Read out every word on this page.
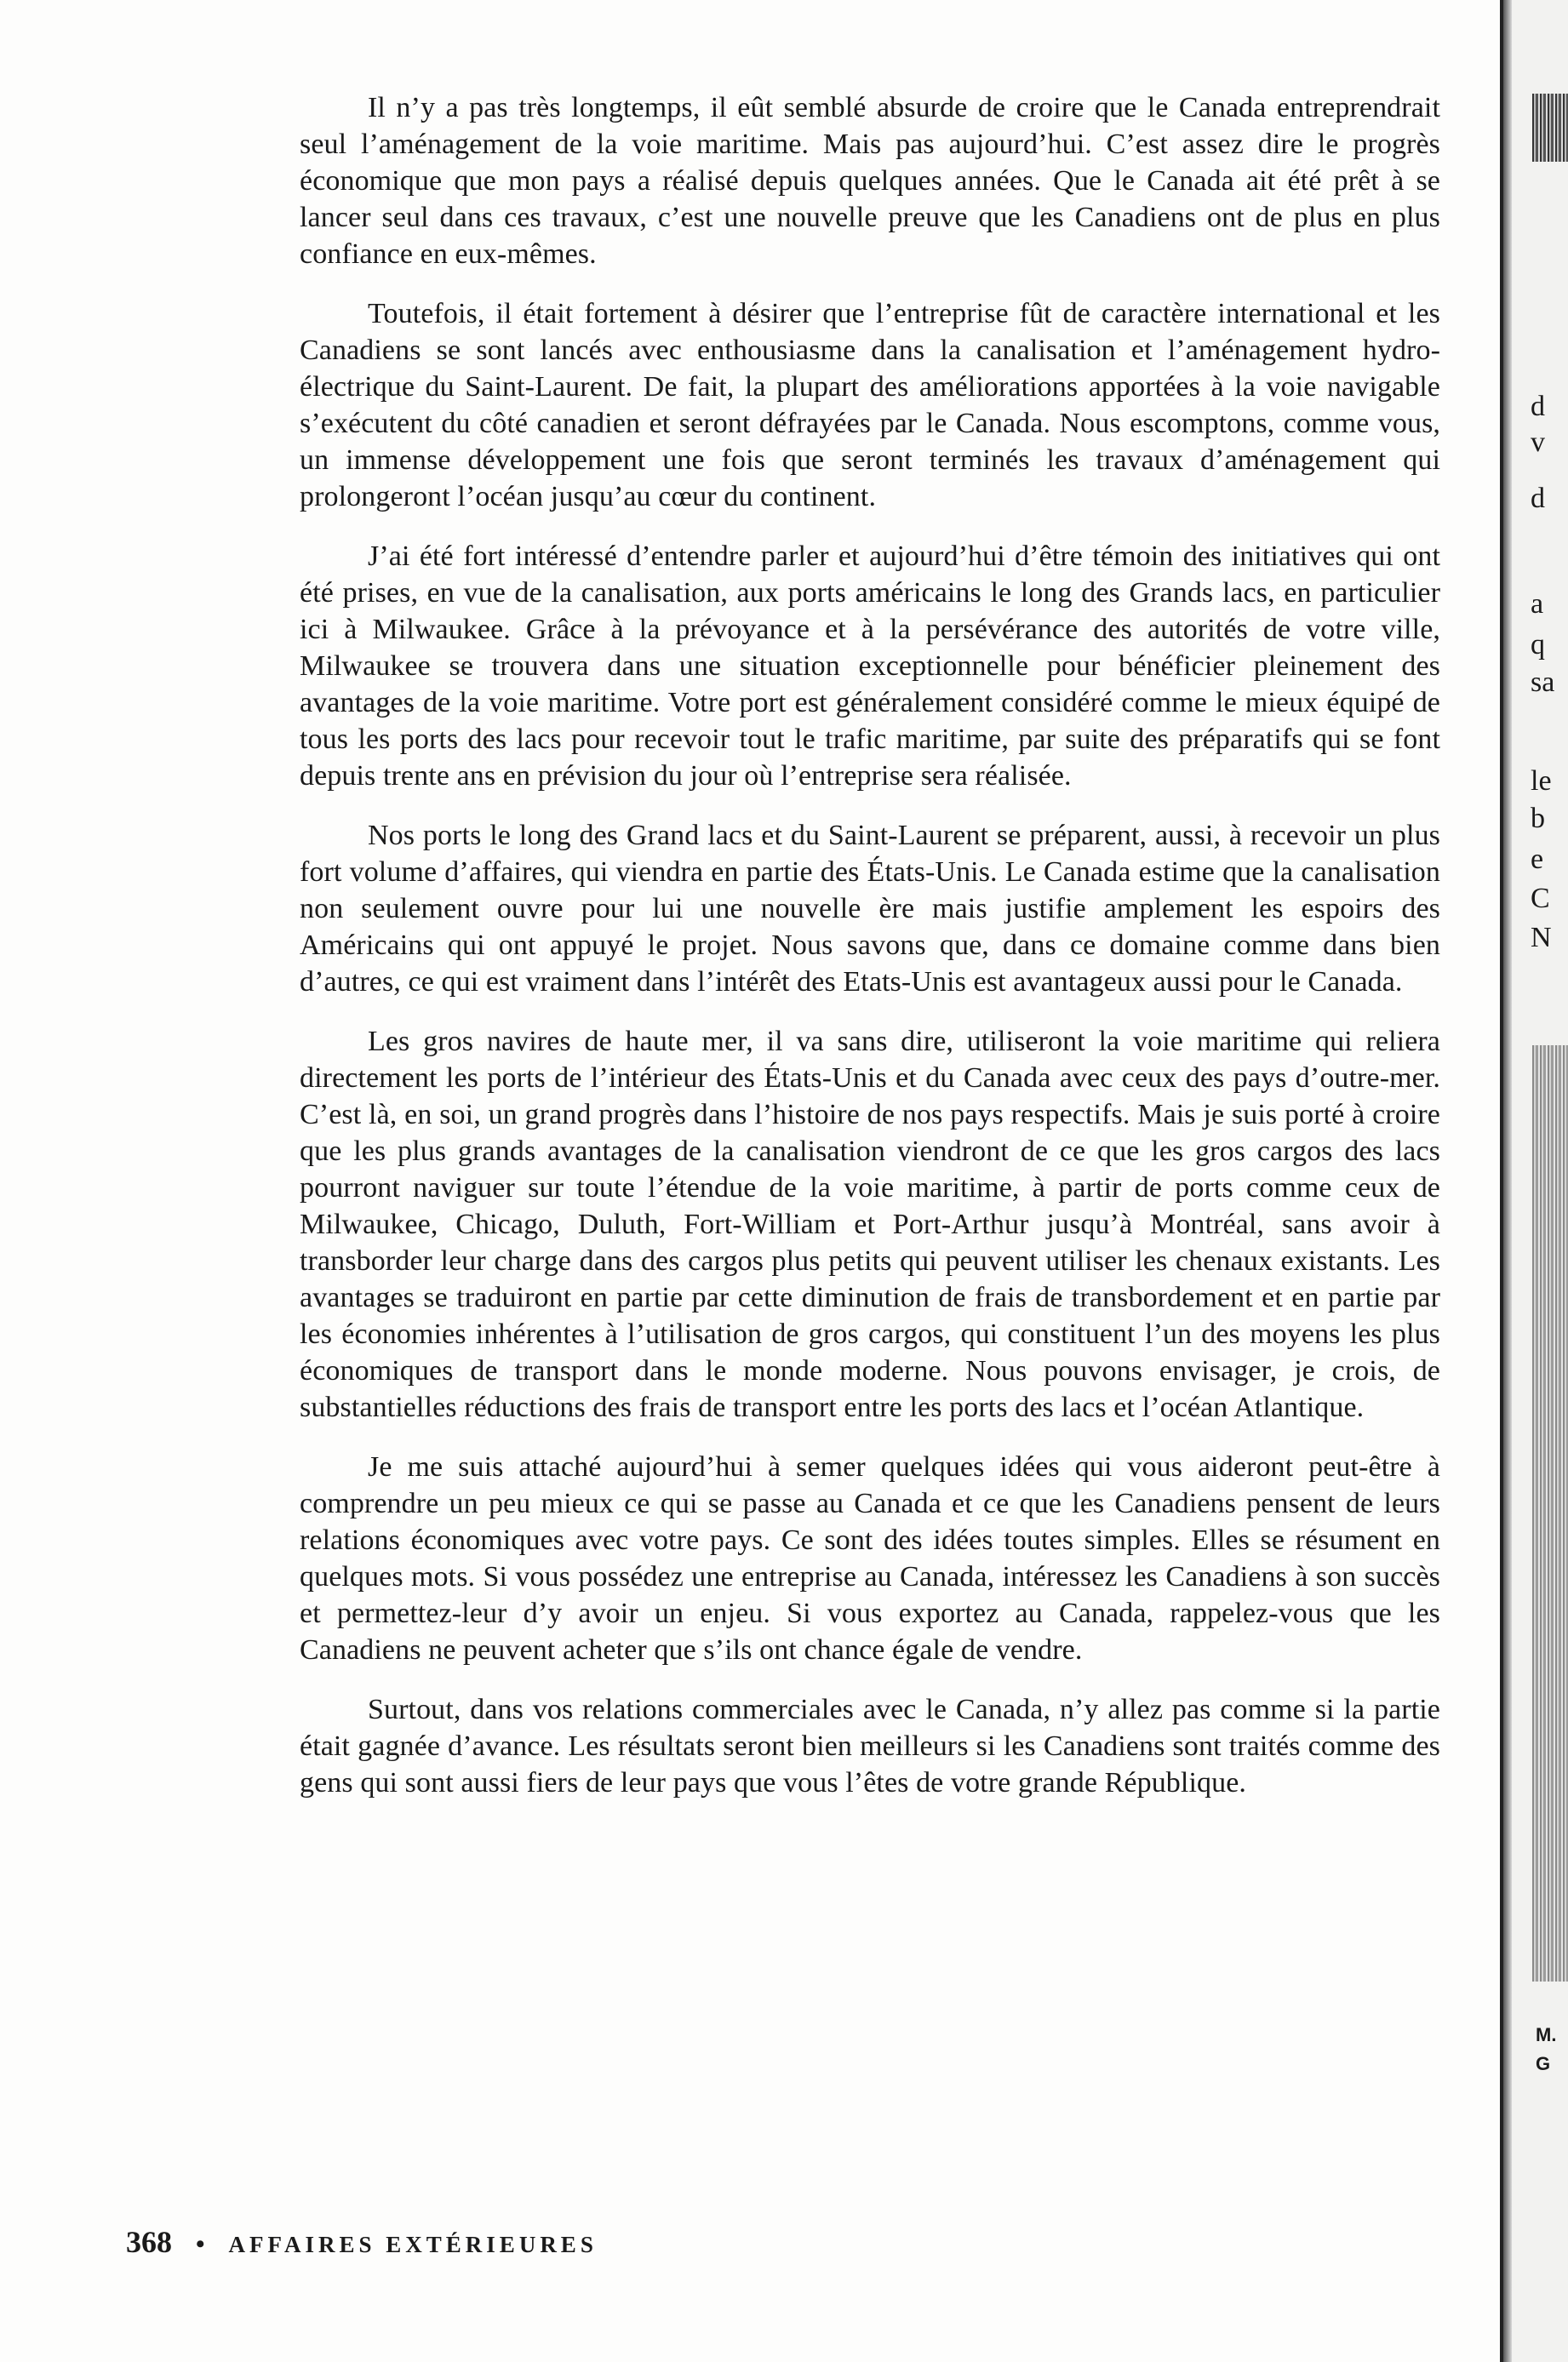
Il n’y a pas très longtemps, il eût semblé absurde de croire que le Canada entreprendrait seul l’aménagement de la voie maritime. Mais pas aujourd’hui. C’est assez dire le progrès économique que mon pays a réalisé depuis quelques années. Que le Canada ait été prêt à se lancer seul dans ces travaux, c’est une nouvelle preuve que les Canadiens ont de plus en plus confiance en eux-mêmes.

Toutefois, il était fortement à désirer que l’entreprise fût de caractère international et les Canadiens se sont lancés avec enthousiasme dans la canalisation et l’aménagement hydro-électrique du Saint-Laurent. De fait, la plupart des améliorations apportées à la voie navigable s’exécutent du côté canadien et seront défrayées par le Canada. Nous escomptons, comme vous, un immense développement une fois que seront terminés les travaux d’aménagement qui prolongeront l’océan jusqu’au cœur du continent.

J’ai été fort intéressé d’entendre parler et aujourd’hui d’être témoin des initiatives qui ont été prises, en vue de la canalisation, aux ports américains le long des Grands lacs, en particulier ici à Milwaukee. Grâce à la prévoyance et à la persévérance des autorités de votre ville, Milwaukee se trouvera dans une situation exceptionnelle pour bénéficier pleinement des avantages de la voie maritime. Votre port est généralement considéré comme le mieux équipé de tous les ports des lacs pour recevoir tout le trafic maritime, par suite des préparatifs qui se font depuis trente ans en prévision du jour où l’entreprise sera réalisée.

Nos ports le long des Grand lacs et du Saint-Laurent se préparent, aussi, à recevoir un plus fort volume d’affaires, qui viendra en partie des États-Unis. Le Canada estime que la canalisation non seulement ouvre pour lui une nouvelle ère mais justifie amplement les espoirs des Américains qui ont appuyé le projet. Nous savons que, dans ce domaine comme dans bien d’autres, ce qui est vraiment dans l’intérêt des Etats-Unis est avantageux aussi pour le Canada.

Les gros navires de haute mer, il va sans dire, utiliseront la voie maritime qui reliera directement les ports de l’intérieur des États-Unis et du Canada avec ceux des pays d’outre-mer. C’est là, en soi, un grand progrès dans l’histoire de nos pays respectifs. Mais je suis porté à croire que les plus grands avantages de la canalisation viendront de ce que les gros cargos des lacs pourront naviguer sur toute l’étendue de la voie maritime, à partir de ports comme ceux de Milwaukee, Chicago, Duluth, Fort-William et Port-Arthur jusqu’à Montréal, sans avoir à transborder leur charge dans des cargos plus petits qui peuvent utiliser les chenaux existants. Les avantages se traduiront en partie par cette diminution de frais de transbordement et en partie par les économies inhérentes à l’utilisation de gros cargos, qui constituent l’un des moyens les plus économiques de transport dans le monde moderne. Nous pouvons envisager, je crois, de substantielles réductions des frais de transport entre les ports des lacs et l’océan Atlantique.

Je me suis attaché aujourd’hui à semer quelques idées qui vous aideront peut-être à comprendre un peu mieux ce qui se passe au Canada et ce que les Canadiens pensent de leurs relations économiques avec votre pays. Ce sont des idées toutes simples. Elles se résument en quelques mots. Si vous possédez une entreprise au Canada, intéressez les Canadiens à son succès et permettez-leur d’y avoir un enjeu. Si vous exportez au Canada, rappelez-vous que les Canadiens ne peuvent acheter que s’ils ont chance égale de vendre.

Surtout, dans vos relations commerciales avec le Canada, n’y allez pas comme si la partie était gagnée d’avance. Les résultats seront bien meilleurs si les Canadiens sont traités comme des gens qui sont aussi fiers de leur pays que vous l’êtes de votre grande République.

368 • AFFAIRES EXTÉRIEURES
d
v
d
a
q
sa
le
b
e
C
N
M.
G
